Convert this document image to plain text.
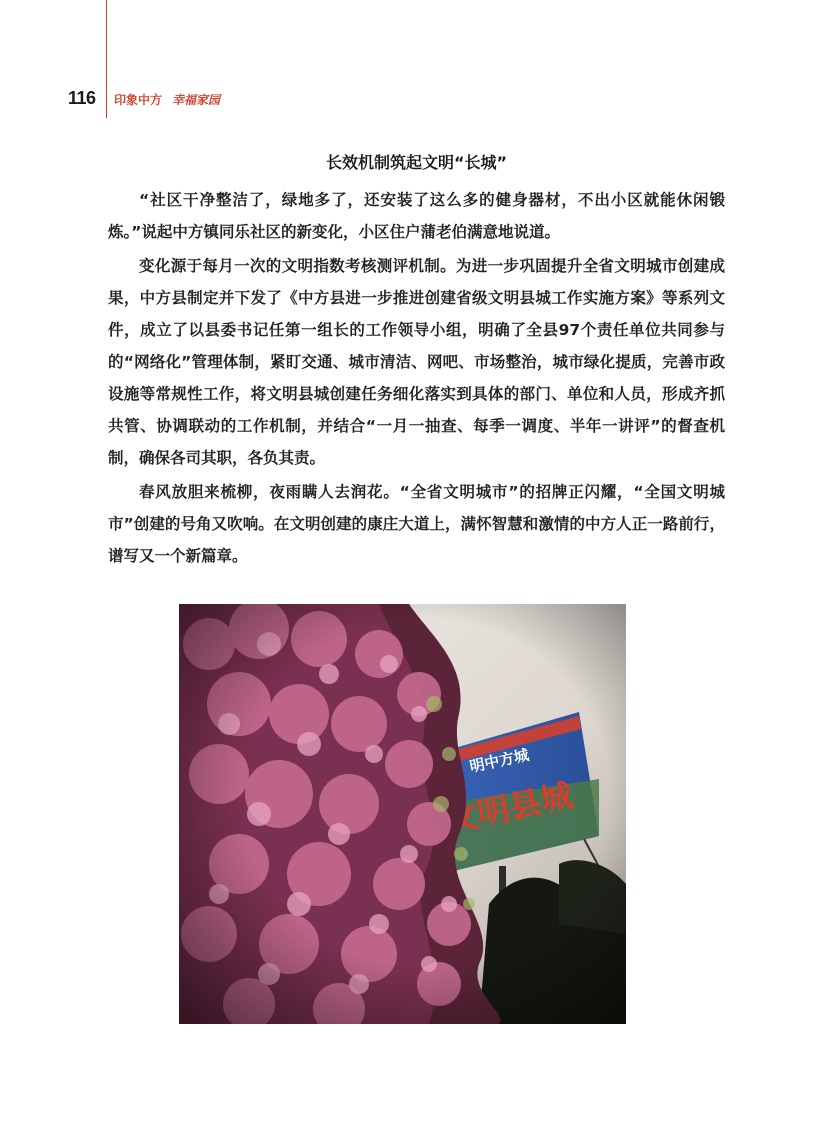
116 印象中方 幸福家园
长效机制筑起文明“长城”

“社区干净整洁了，绿地多了，还安装了这么多的健身器材，不出小区就能休闲锻炼。”说起中方镇同乐社区的新变化，小区住户蒲老伯满意地说道。

变化源于每月一次的文明指数考核测评机制。为进一步巩固提升全省文明城市创建成果，中方县制定并下发了《中方县进一步推进创建省级文明县城工作实施方案》等系列文件，成立了以县委书记任第一组长的工作领导小组，明确了全县97个责任单位共同参与的“网络化”管理体制，紧盯交通、城市清洁、网吧、市场整治，城市绿化提质，完善市政设施等常规性工作，将文明县城创建任务细化落实到具体的部门、单位和人员，形成齐抓共管、协调联动的工作机制，并结合“一月一抽查、每季一调度、半年一讲评”的督查机制，确保各司其职，各负其责。

春风放胆来梳柳，夜雨瞒人去润花。“全省文明城市”的招牌正闪耀，“全国文明城市”创建的号角又吹响。在文明创建的康庄大道上，满怀智慧和激情的中方人正一路前行，谱写又一个新篇章。
